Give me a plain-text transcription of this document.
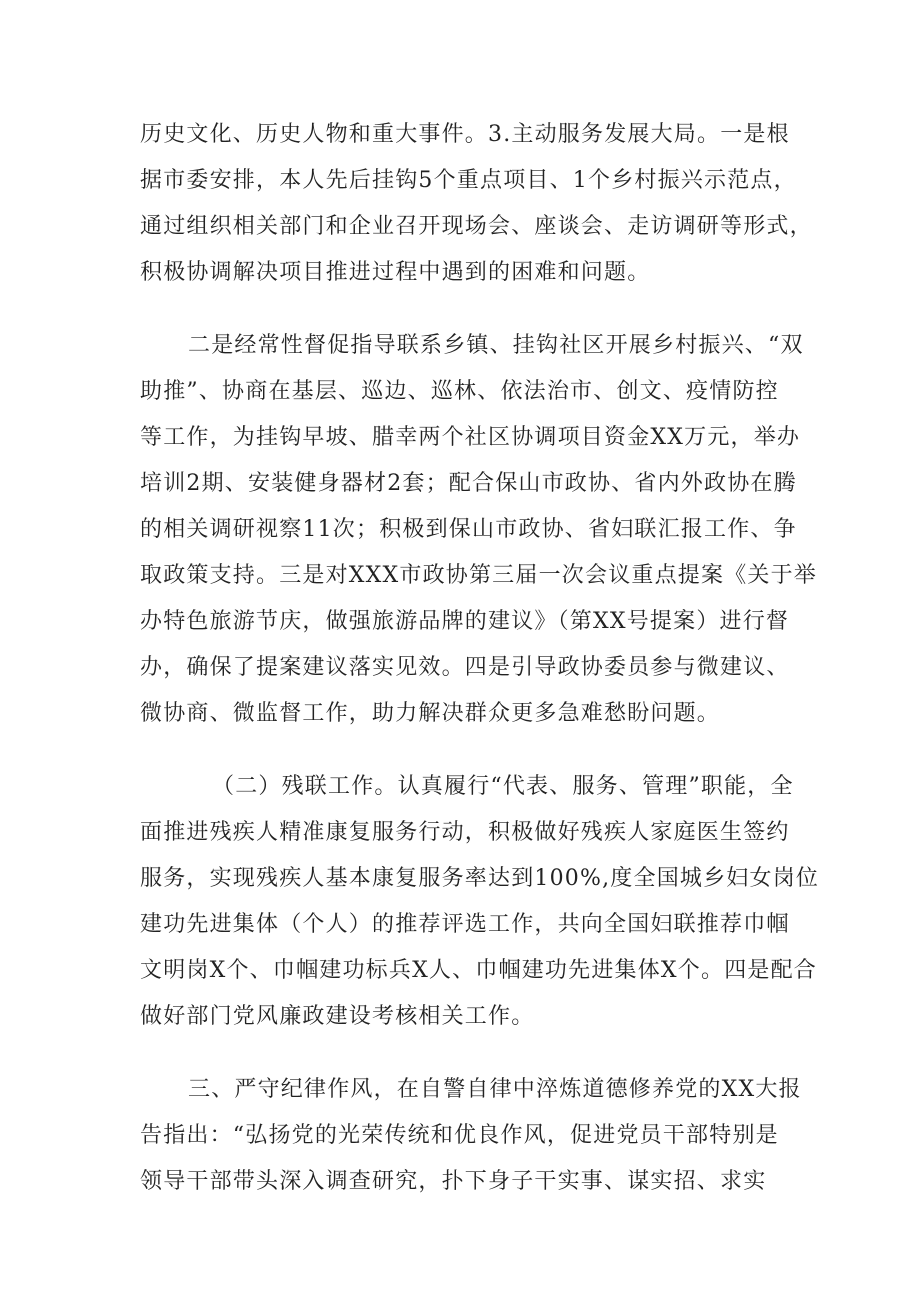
历史文化、历史人物和重大事件。3.主动服务发展大局。一是根
据市委安排，本人先后挂钩5个重点项目、1个乡村振兴示范点，
通过组织相关部门和企业召开现场会、座谈会、走访调研等形式，
积极协调解决项目推进过程中遇到的困难和问题。
二是经常性督促指导联系乡镇、挂钩社区开展乡村振兴、“双
助推”、协商在基层、巡边、巡林、依法治市、创文、疫情防控
等工作，为挂钩早坡、腊幸两个社区协调项目资金XX万元，举办
培训2期、安装健身器材2套；配合保山市政协、省内外政协在腾
的相关调研视察11次；积极到保山市政协、省妇联汇报工作、争
取政策支持。三是对XXX市政协第三届一次会议重点提案《关于举
办特色旅游节庆，做强旅游品牌的建议》（第XX号提案）进行督
办，确保了提案建议落实见效。四是引导政协委员参与微建议、
微协商、微监督工作，助力解决群众更多急难愁盼问题。
（二）残联工作。认真履行“代表、服务、管理”职能，全
面推进残疾人精准康复服务行动，积极做好残疾人家庭医生签约
服务，实现残疾人基本康复服务率达到100%,度全国城乡妇女岗位
建功先进集体（个人）的推荐评选工作，共向全国妇联推荐巾帼
文明岗X个、巾帼建功标兵X人、巾帼建功先进集体X个。四是配合
做好部门党风廉政建设考核相关工作。
三、严守纪律作风，在自警自律中淬炼道德修养党的XX大报
告指出：“弘扬党的光荣传统和优良作风，促进党员干部特别是
领导干部带头深入调查研究，扑下身子干实事、谋实招、求实
